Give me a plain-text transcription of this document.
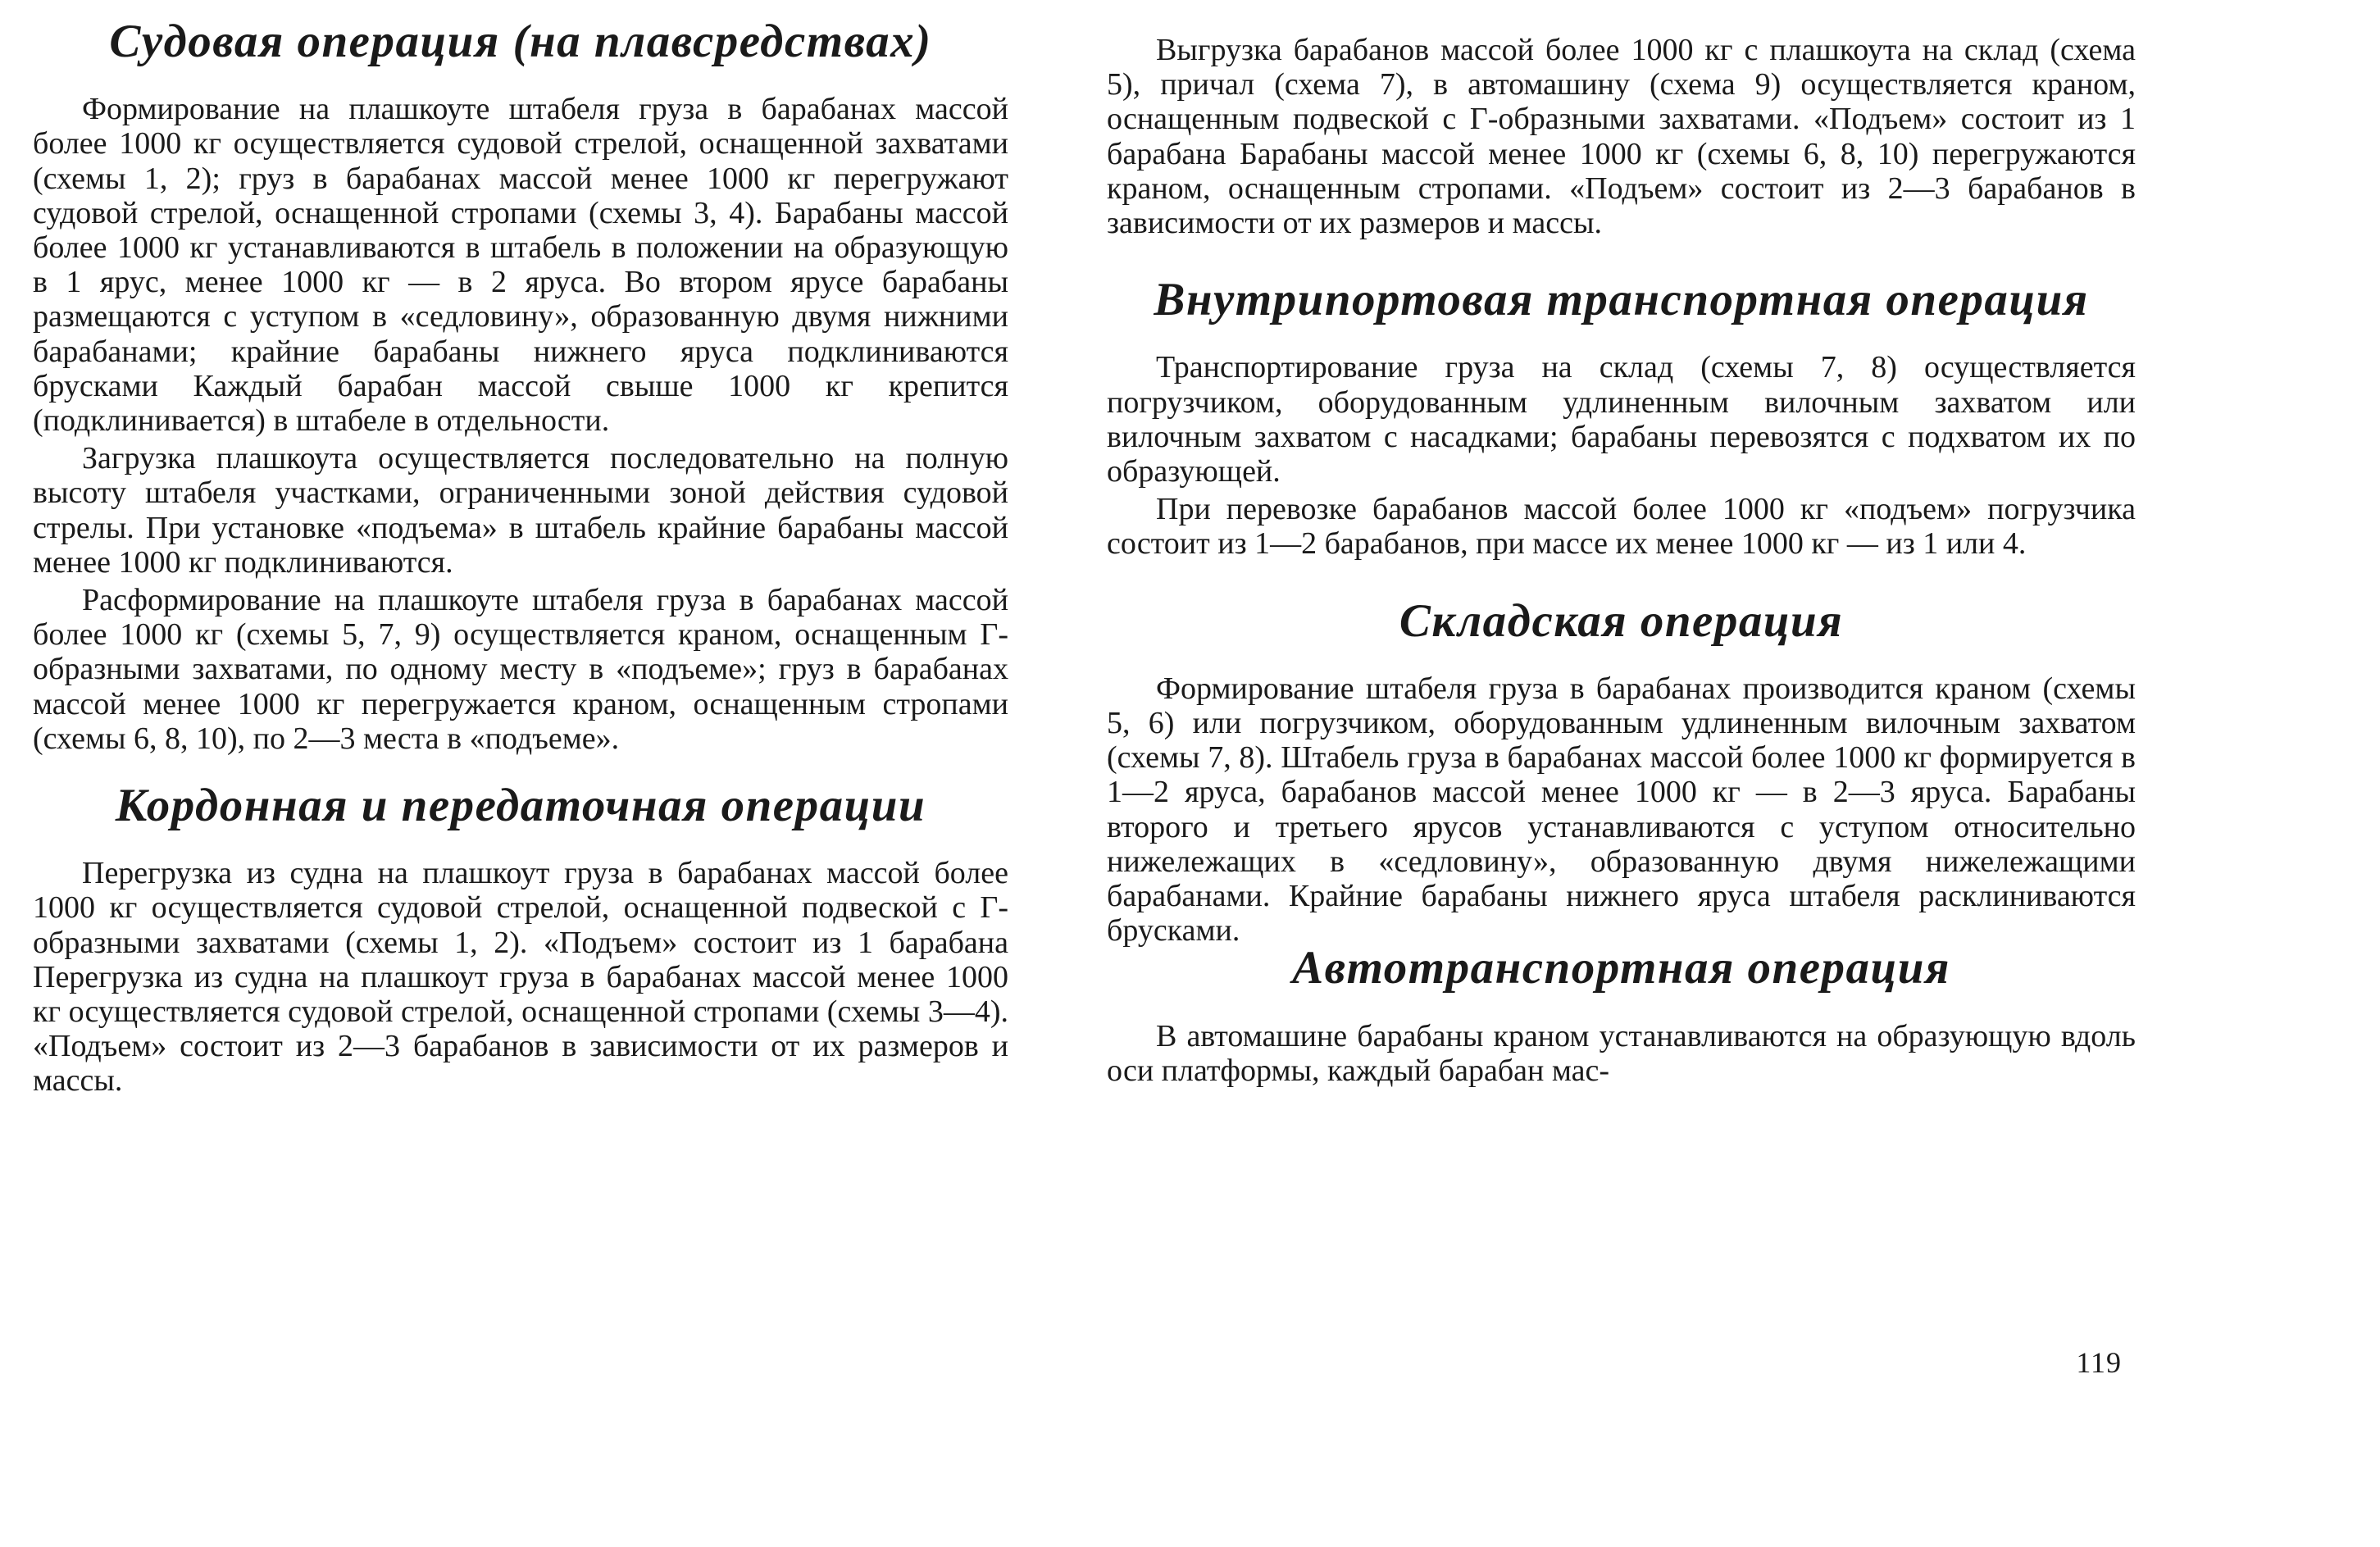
Судовая операция (на плавсредствах)

Формирование на плашкоуте штабеля груза в барабанах массой более 1000 кг осуществляется судовой стрелой, оснащенной захватами (схемы 1, 2); груз в барабанах массой менее 1000 кг перегружают судовой стрелой, оснащенной стропами (схемы 3, 4). Барабаны массой более 1000 кг устанавливаются в штабель в положении на образующую в 1 ярус, менее 1000 кг — в 2 яруса. Во втором ярусе барабаны размещаются с уступом в «седловину», образованную двумя нижними барабанами; крайние барабаны нижнего яруса подклиниваются брусками Каждый барабан массой свыше 1000 кг крепится (подклинивается) в штабеле в отдельности.

Загрузка плашкоута осуществляется последовательно на полную высоту штабеля участками, ограниченными зоной действия судовой стрелы. При установке «подъема» в штабель крайние барабаны массой менее 1000 кг подклиниваются.

Расформирование на плашкоуте штабеля груза в барабанах массой более 1000 кг (схемы 5, 7, 9) осуществляется краном, оснащенным Г-образными захватами, по одному месту в «подъеме»; груз в барабанах массой менее 1000 кг перегружается краном, оснащенным стропами (схемы 6, 8, 10), по 2—3 места в «подъеме».

Кордонная и передаточная операции

Перегрузка из судна на плашкоут груза в барабанах массой более 1000 кг осуществляется судовой стрелой, оснащенной подвеской с Г-образными захватами (схемы 1, 2). «Подъем» состоит из 1 барабана Перегрузка из судна на плашкоут груза в барабанах массой менее 1000 кг осуществляется судовой стрелой, оснащенной стропами (схемы 3—4). «Подъем» состоит из 2—3 барабанов в зависимости от их размеров и массы.

Выгрузка барабанов массой более 1000 кг с плашкоута на склад (схема 5), причал (схема 7), в автомашину (схема 9) осуществляется краном, оснащенным подвеской с Г-образными захватами. «Подъем» состоит из 1 барабана Барабаны массой менее 1000 кг (схемы 6, 8, 10) перегружаются краном, оснащенным стропами. «Подъем» состоит из 2—3 барабанов в зависимости от их размеров и массы.

Внутрипортовая транспортная операция

Транспортирование груза на склад (схемы 7, 8) осуществляется погрузчиком, оборудованным удлиненным вилочным захватом или вилочным захватом с насадками; барабаны перевозятся с подхватом их по образующей.

При перевозке барабанов массой более 1000 кг «подъем» погрузчика состоит из 1—2 барабанов, при массе их менее 1000 кг — из 1 или 4.

Складская операция

Формирование штабеля груза в барабанах производится краном (схемы 5, 6) или погрузчиком, оборудованным удлиненным вилочным захватом (схемы 7, 8). Штабель груза в барабанах массой более 1000 кг формируется в 1—2 яруса, барабанов массой менее 1000 кг — в 2—3 яруса. Барабаны второго и третьего ярусов устанавливаются с уступом относительно нижележащих в «седловину», образованную двумя нижележащими барабанами. Крайние барабаны нижнего яруса штабеля расклиниваются брусками.

Автотранспортная операция

В автомашине барабаны краном устанавливаются на образующую вдоль оси платформы, каждый барабан мас-

119
